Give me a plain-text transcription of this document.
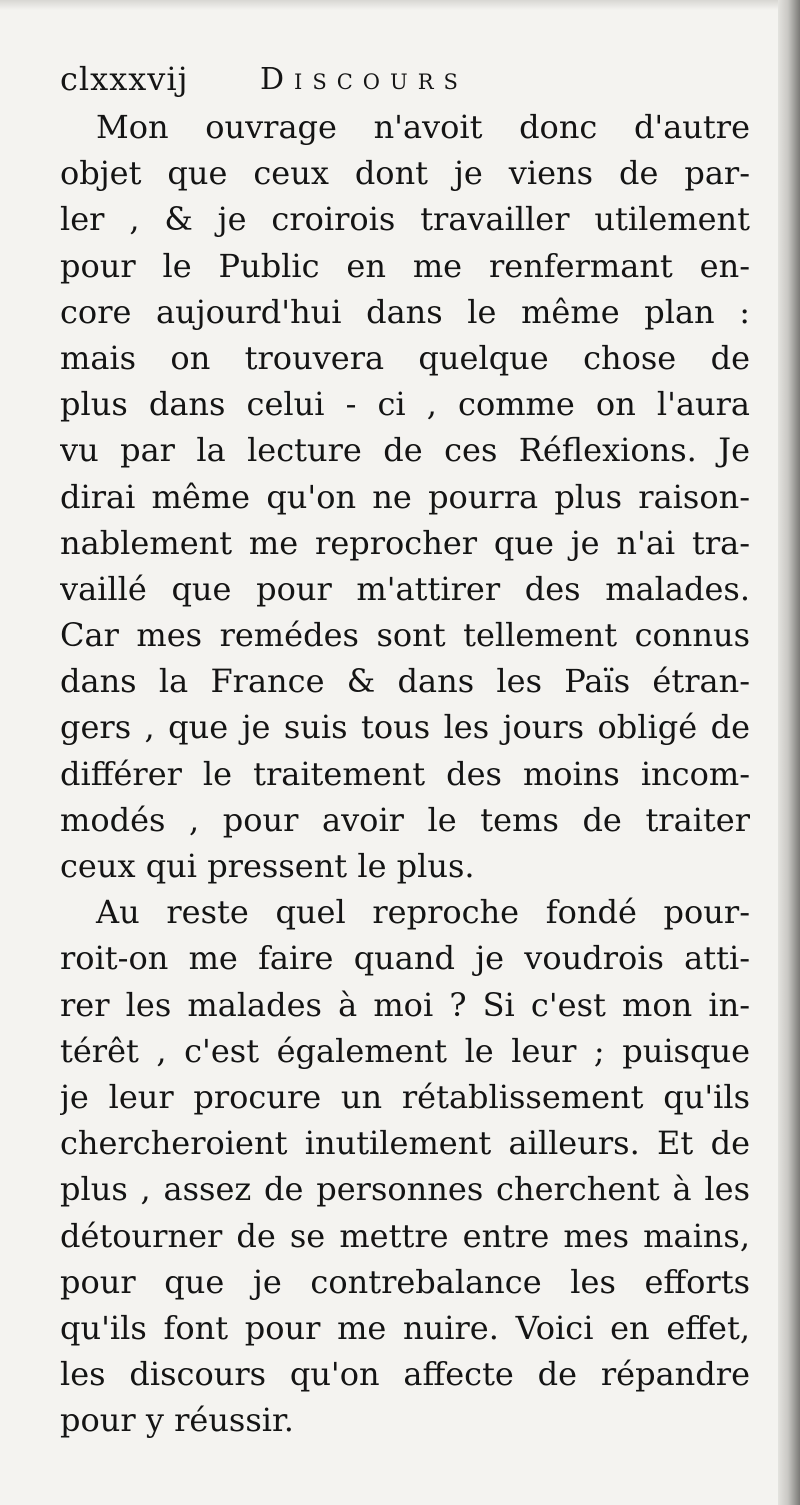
clxxxvij Discours
Mon ouvrage n'avoit donc d'autre
objet que ceux dont je viens de par-
ler , & je croirois travailler utilement
pour le Public en me renfermant en-
core aujourd'hui dans le même plan :
mais on trouvera quelque chose de
plus dans celui - ci , comme on l'aura
vu par la lecture de ces Réflexions. Je
dirai même qu'on ne pourra plus raison-
nablement me reprocher que je n'ai tra-
vaillé que pour m'attirer des malades.
Car mes remédes sont tellement connus
dans la France & dans les Païs étran-
gers , que je suis tous les jours obligé de
différer le traitement des moins incom-
modés , pour avoir le tems de traiter
ceux qui pressent le plus.
Au reste quel reproche fondé pour-
roit-on me faire quand je voudrois atti-
rer les malades à moi ? Si c'est mon in-
térêt , c'est également le leur ; puisque
je leur procure un rétablissement qu'ils
chercheroient inutilement ailleurs. Et de
plus , assez de personnes cherchent à les
détourner de se mettre entre mes mains,
pour que je contrebalance les efforts
qu'ils font pour me nuire. Voici en effet,
les discours qu'on affecte de répandre
pour y réussir.
